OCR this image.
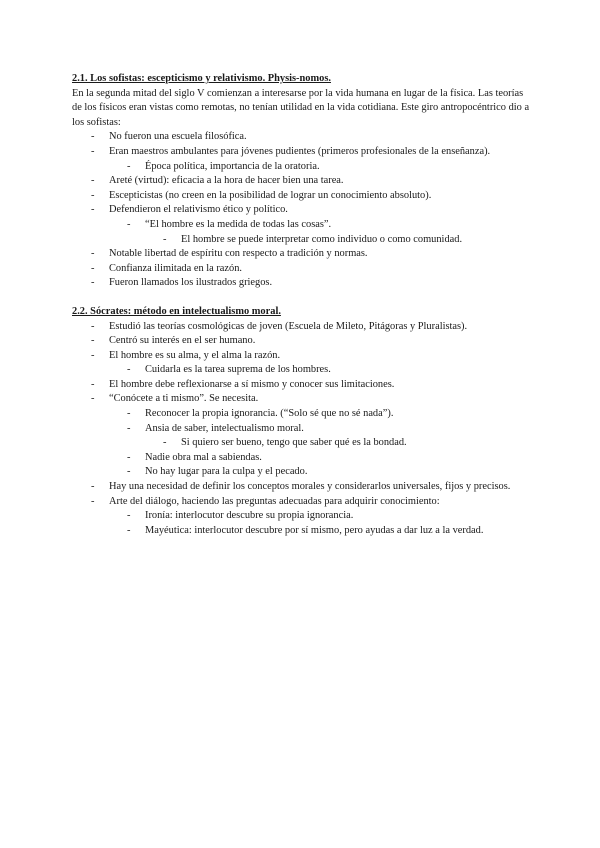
2.1. Los sofistas: escepticismo y relativismo. Physis-nomos.

En la segunda mitad del siglo V comienzan a interesarse por la vida humana en lugar de la física. Las teorías de los físicos eran vistas como remotas, no tenían utilidad en la vida cotidiana. Este giro antropocéntrico dio a los sofistas:

- No fueron una escuela filosófica.
- Eran maestros ambulantes para jóvenes pudientes (primeros profesionales de la enseñanza).
- Época política, importancia de la oratoria.
- Areté (virtud): eficacia a la hora de hacer bien una tarea.
- Escepticistas (no creen en la posibilidad de lograr un conocimiento absoluto).
- Defendieron el relativismo ético y político.
- “El hombre es la medida de todas las cosas”.
- El hombre se puede interpretar como individuo o como comunidad.
- Notable libertad de espíritu con respecto a tradición y normas.
- Confianza ilimitada en la razón.
- Fueron llamados los ilustrados griegos.

2.2. Sócrates: método en intelectualismo moral.

- Estudió las teorías cosmológicas de joven (Escuela de Mileto, Pitágoras y Pluralistas).
- Centró su interés en el ser humano.
- El hombre es su alma, y el alma la razón.
- Cuidarla es la tarea suprema de los hombres.
- El hombre debe reflexionarse a sí mismo y conocer sus limitaciones.
- “Conócete a ti mismo”. Se necesita.
- Reconocer la propia ignorancia. (“Solo sé que no sé nada”).
- Ansia de saber, intelectualismo moral.
- Si quiero ser bueno, tengo que saber qué es la bondad.
- Nadie obra mal a sabiendas.
- No hay lugar para la culpa y el pecado.
- Hay una necesidad de definir los conceptos morales y considerarlos universales, fijos y precisos.
- Arte del diálogo, haciendo las preguntas adecuadas para adquirir conocimiento:
- Ironía: interlocutor descubre su propia ignorancia.
- Mayéutica: interlocutor descubre por sí mismo, pero ayudas a dar luz a la verdad.
